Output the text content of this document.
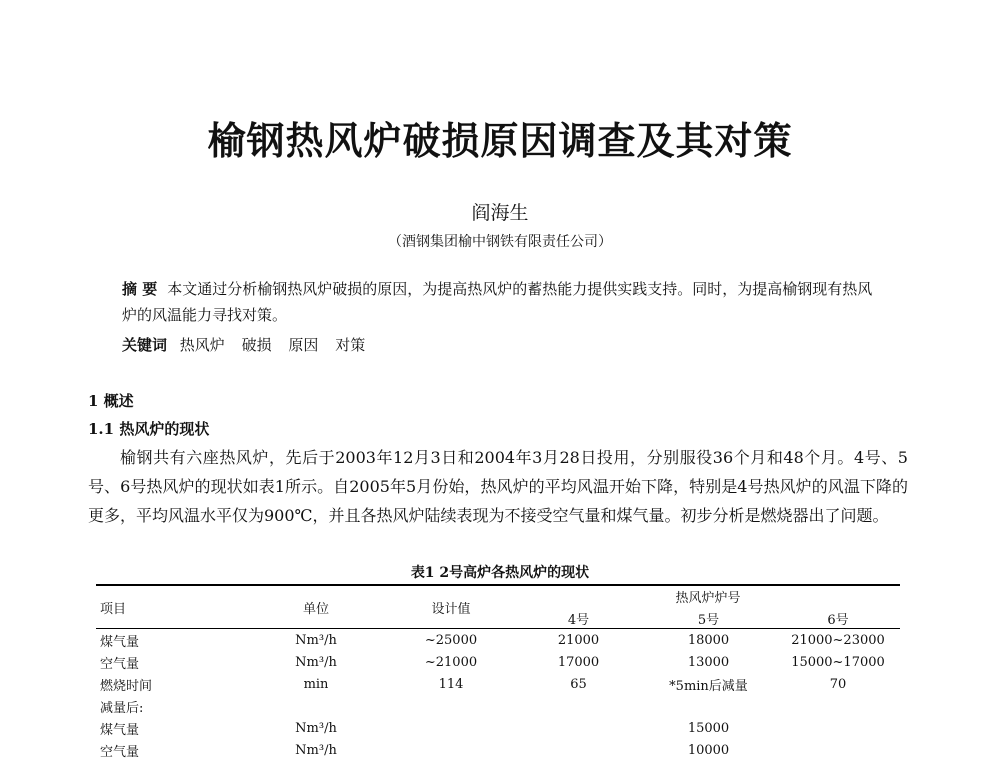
榆钢热风炉破损原因调查及其对策
阎海生
（酒钢集团榆中钢铁有限责任公司）
摘 要 本文通过分析榆钢热风炉破损的原因，为提高热风炉的蓄热能力提供实践支持。同时，为提高榆钢现有热风炉的风温能力寻找对策。
关键词 热风炉 破损 原因 对策
1 概述
1.1 热风炉的现状

榆钢共有六座热风炉，先后于2003年12月3日和2004年3月28日投用，分别服役36个月和48个月。4号、5号、6号热风炉的现状如表1所示。自2005年5月份始，热风炉的平均风温开始下降，特别是4号热风炉的风温下降的更多，平均风温水平仅为900℃，并且各热风炉陆续表现为不接受空气量和煤气量。初步分析是燃烧器出了问题。

表1 2号高炉各热风炉的现状
项目	单位	设计值	热风炉炉号		
			4号	5号	6号
煤气量	Nm³/h	~25000	21000	18000	21000~23000
空气量	Nm³/h	~21000	17000	13000	15000~17000
燃烧时间	min	114	65	*5min后减量	70
减量后:					
煤气量	Nm³/h			15000	
空气量	Nm³/h			10000	
